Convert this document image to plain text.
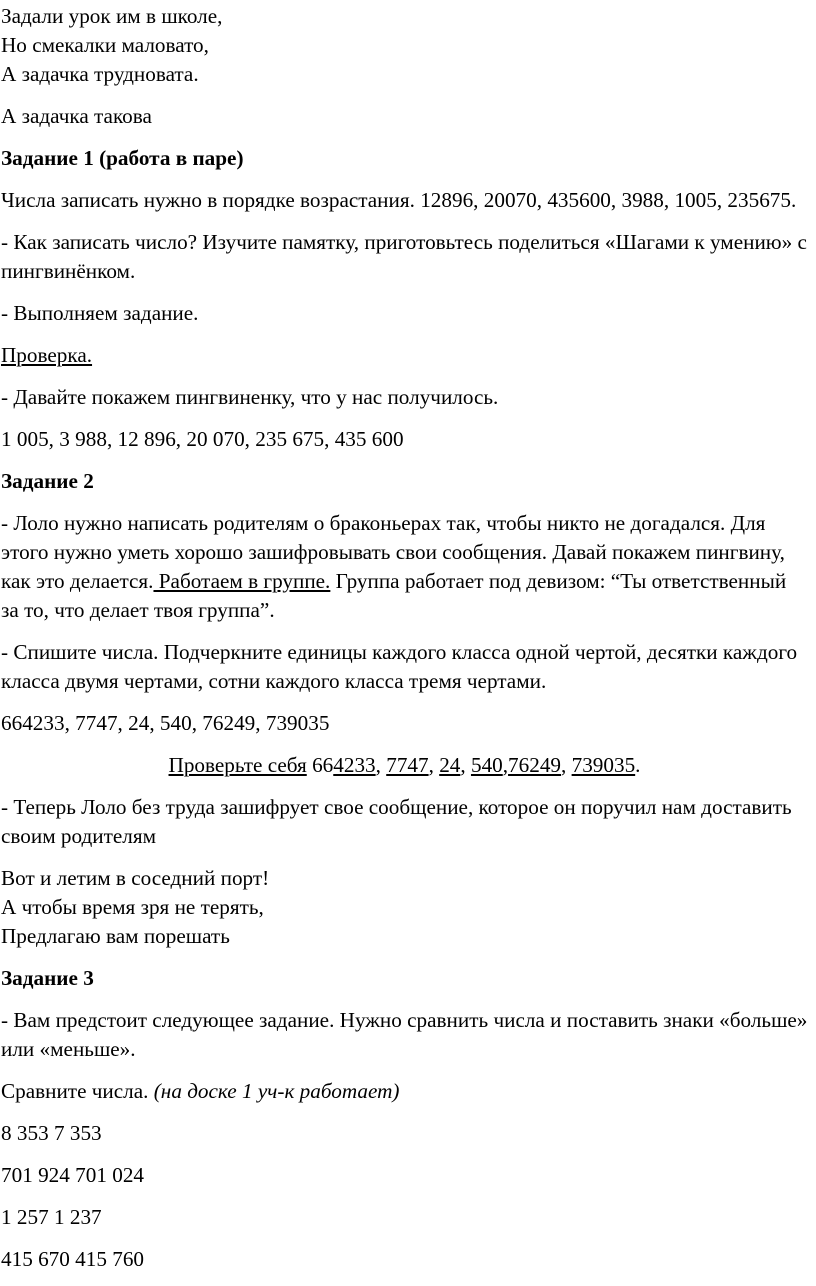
Задали урок им в школе,
Но смекалки маловато,
А задачка трудновата.
А задачка такова
Задание 1 (работа в паре)
Числа записать нужно в порядке возрастания. 12896, 20070, 435600, 3988, 1005, 235675.
- Как записать число? Изучите памятку, приготовьтесь поделиться «Шагами к умению» с пингвинёнком.
- Выполняем задание.
Проверка.
- Давайте покажем пингвиненку, что у нас получилось.
1 005, 3 988, 12 896, 20 070, 235 675, 435 600
Задание 2
- Лоло нужно написать родителям о браконьерах так, чтобы никто не догадался. Для этого нужно уметь хорошо зашифровывать свои сообщения. Давай покажем пингвину, как это делается. Работаем в группе. Группа работает под девизом: “Ты ответственный за то, что делает твоя группа”.
- Спишите числа. Подчеркните единицы каждого класса одной чертой, десятки каждого класса двумя чертами, сотни каждого класса тремя чертами.
664233, 7747, 24, 540, 76249, 739035
Проверьте себя 664233, 7747, 24, 540,76249, 739035.
- Теперь Лоло без труда зашифрует свое сообщение, которое он поручил нам доставить своим родителям
Вот и летим в соседний порт!
А чтобы время зря не терять,
Предлагаю вам порешать
Задание 3
- Вам предстоит следующее задание. Нужно сравнить числа и поставить знаки «больше» или «меньше».
Сравните числа. (на доске 1 уч-к работает)
8 353 7 353
701 924 701 024
1 257 1 237
415 670 415 760
